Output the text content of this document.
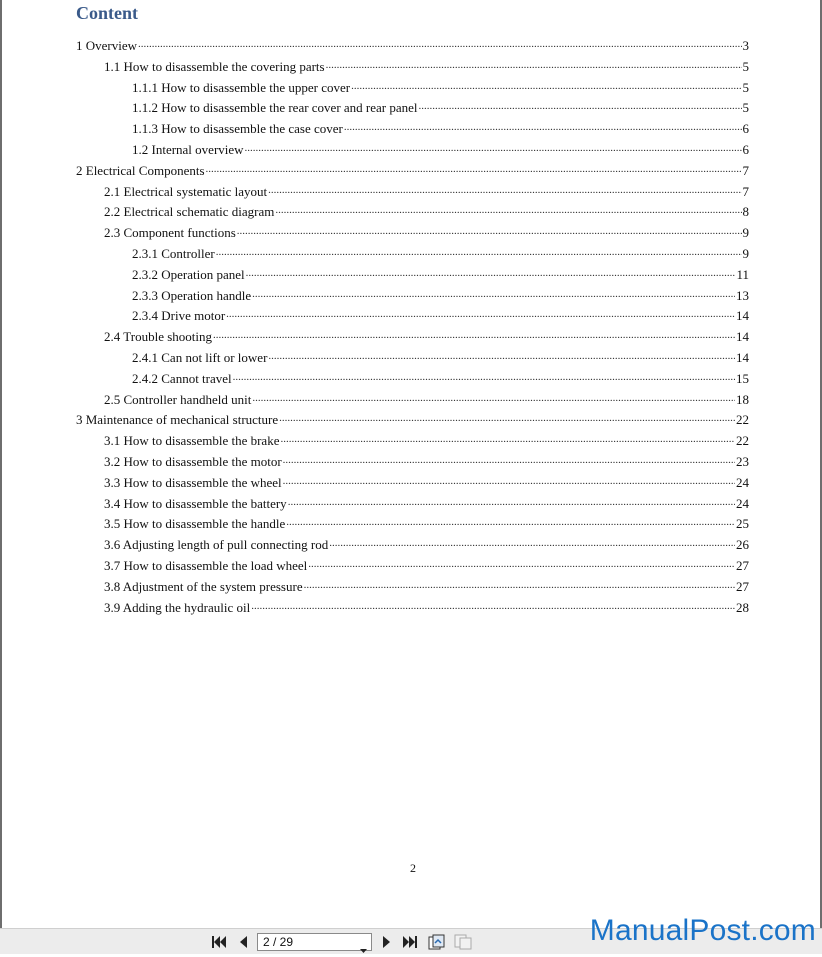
Content
1 Overview .....	3
1.1 How to disassemble the covering parts .....	5
1.1.1 How to disassemble the upper cover .....	5
1.1.2 How to disassemble the rear cover and rear panel .....	5
1.1.3 How to disassemble the case cover .....	6
1.2 Internal overview .....	6
2 Electrical Components .....	7
2.1 Electrical systematic layout .....	7
2.2 Electrical schematic diagram .....	8
2.3 Component functions .....	9
2.3.1 Controller .....	9
2.3.2 Operation panel .....	11
2.3.3 Operation handle .....	13
2.3.4 Drive motor .....	14
2.4 Trouble shooting .....	14
2.4.1 Can not lift or lower .....	14
2.4.2 Cannot travel .....	15
2.5 Controller handheld unit .....	18
3 Maintenance of mechanical structure .....	22
3.1 How to disassemble the brake .....	22
3.2 How to disassemble the motor .....	23
3.3 How to disassemble the wheel .....	24
3.4 How to disassemble the battery .....	24
3.5 How to disassemble the handle .....	25
3.6 Adjusting length of pull connecting rod .....	26
3.7 How to disassemble the load wheel .....	27
3.8 Adjustment of the system pressure .....	27
3.9 Adding the hydraulic oil .....	28
2
2 / 29	ManualPost.com
